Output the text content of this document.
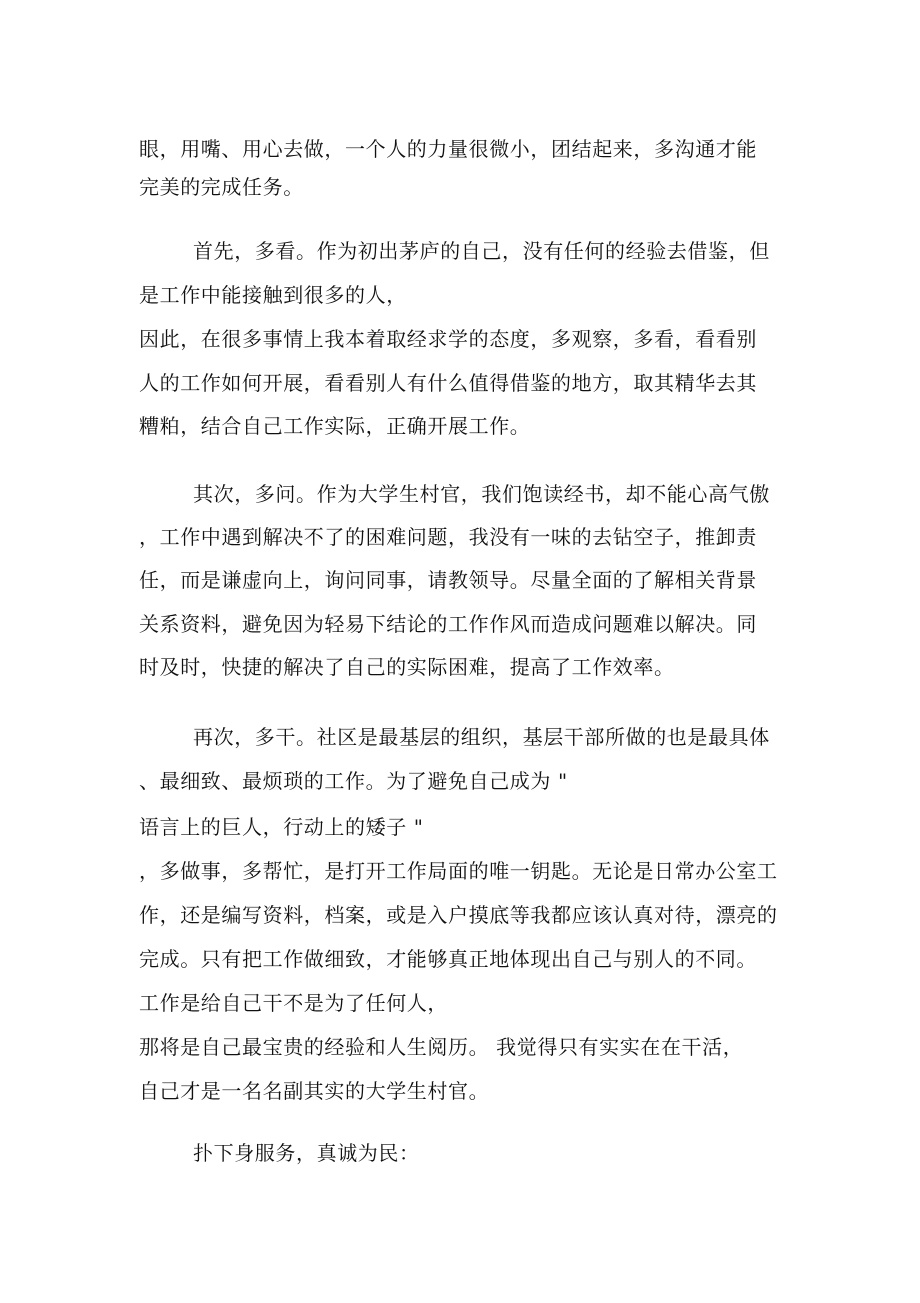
眼，用嘴、用心去做，一个人的力量很微小，团结起来，多沟通才能
完美的完成任务。
首先，多看。作为初出茅庐的自己，没有任何的经验去借鉴，但
是工作中能接触到很多的人，
因此，在很多事情上我本着取经求学的态度，多观察，多看，看看别
人的工作如何开展，看看别人有什么值得借鉴的地方，取其精华去其
糟粕，结合自己工作实际，正确开展工作。
其次，多问。作为大学生村官，我们饱读经书，却不能心高气傲
，工作中遇到解决不了的困难问题，我没有一味的去钻空子，推卸责
任，而是谦虚向上，询问同事，请教领导。尽量全面的了解相关背景
关系资料，避免因为轻易下结论的工作作风而造成问题难以解决。同
时及时，快捷的解决了自己的实际困难，提高了工作效率。
再次，多干。社区是最基层的组织，基层干部所做的也是最具体
、最细致、最烦琐的工作。为了避免自己成为 "
语言上的巨人，行动上的矮子 "
，多做事，多帮忙，是打开工作局面的唯一钥匙。无论是日常办公室工
作，还是编写资料，档案，或是入户摸底等我都应该认真对待，漂亮的
完成。只有把工作做细致，才能够真正地体现出自己与别人的不同。
工作是给自己干不是为了任何人，
那将是自己最宝贵的经验和人生阅历。 我觉得只有实实在在干活，
自己才是一名名副其实的大学生村官。
扑下身服务，真诚为民：
